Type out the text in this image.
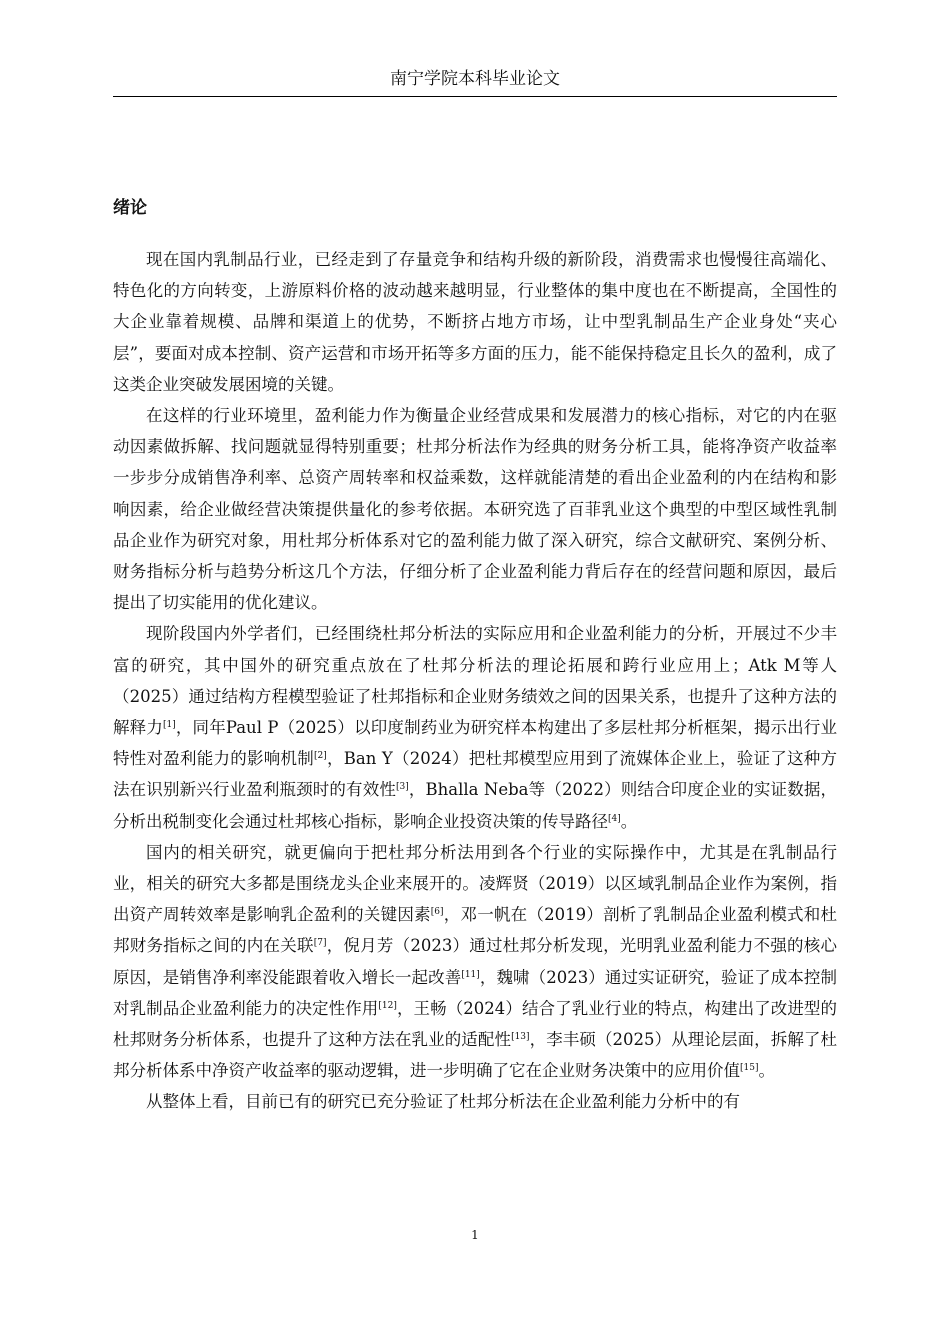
南宁学院本科毕业论文
绪论

现在国内乳制品行业，已经走到了存量竞争和结构升级的新阶段，消费需求也慢慢往高端化、特色化的方向转变，上游原料价格的波动越来越明显，行业整体的集中度也在不断提高，全国性的大企业靠着规模、品牌和渠道上的优势，不断挤占地方市场，让中型乳制品生产企业身处“夹心层”，要面对成本控制、资产运营和市场开拓等多方面的压力，能不能保持稳定且长久的盈利，成了这类企业突破发展困境的关键。

在这样的行业环境里，盈利能力作为衡量企业经营成果和发展潜力的核心指标，对它的内在驱动因素做拆解、找问题就显得特别重要；杜邦分析法作为经典的财务分析工具，能将净资产收益率一步步分成销售净利率、总资产周转率和权益乘数，这样就能清楚的看出企业盈利的内在结构和影响因素，给企业做经营决策提供量化的参考依据。本研究选了百菲乳业这个典型的中型区域性乳制品企业作为研究对象，用杜邦分析体系对它的盈利能力做了深入研究，综合文献研究、案例分析、财务指标分析与趋势分析这几个方法，仔细分析了企业盈利能力背后存在的经营问题和原因，最后提出了切实能用的优化建议。

现阶段国内外学者们，已经围绕杜邦分析法的实际应用和企业盈利能力的分析，开展过不少丰富的研究，其中国外的研究重点放在了杜邦分析法的理论拓展和跨行业应用上；Atk M等人（2025）通过结构方程模型验证了杜邦指标和企业财务绩效之间的因果关系，也提升了这种方法的解释力[1]，同年Paul P（2025）以印度制药业为研究样本构建出了多层杜邦分析框架，揭示出行业特性对盈利能力的影响机制[2]，Ban Y（2024）把杜邦模型应用到了流媒体企业上，验证了这种方法在识别新兴行业盈利瓶颈时的有效性[3]，Bhalla Neba等（2022）则结合印度企业的实证数据，分析出税制变化会通过杜邦核心指标，影响企业投资决策的传导路径[4]。

国内的相关研究，就更偏向于把杜邦分析法用到各个行业的实际操作中，尤其是在乳制品行业，相关的研究大多都是围绕龙头企业来展开的。凌辉贤（2019）以区域乳制品企业作为案例，指出资产周转效率是影响乳企盈利的关键因素[6]，邓一帆在（2019）剖析了乳制品企业盈利模式和杜邦财务指标之间的内在关联[7]，倪月芳（2023）通过杜邦分析发现，光明乳业盈利能力不强的核心原因，是销售净利率没能跟着收入增长一起改善[11]，魏啸（2023）通过实证研究，验证了成本控制对乳制品企业盈利能力的决定性作用[12]，王畅（2024）结合了乳业行业的特点，构建出了改进型的杜邦财务分析体系，也提升了这种方法在乳业的适配性[13]，李丰硕（2025）从理论层面，拆解了杜邦分析体系中净资产收益率的驱动逻辑，进一步明确了它在企业财务决策中的应用价值[15]。

从整体上看，目前已有的研究已充分验证了杜邦分析法在企业盈利能力分析中的有

1
